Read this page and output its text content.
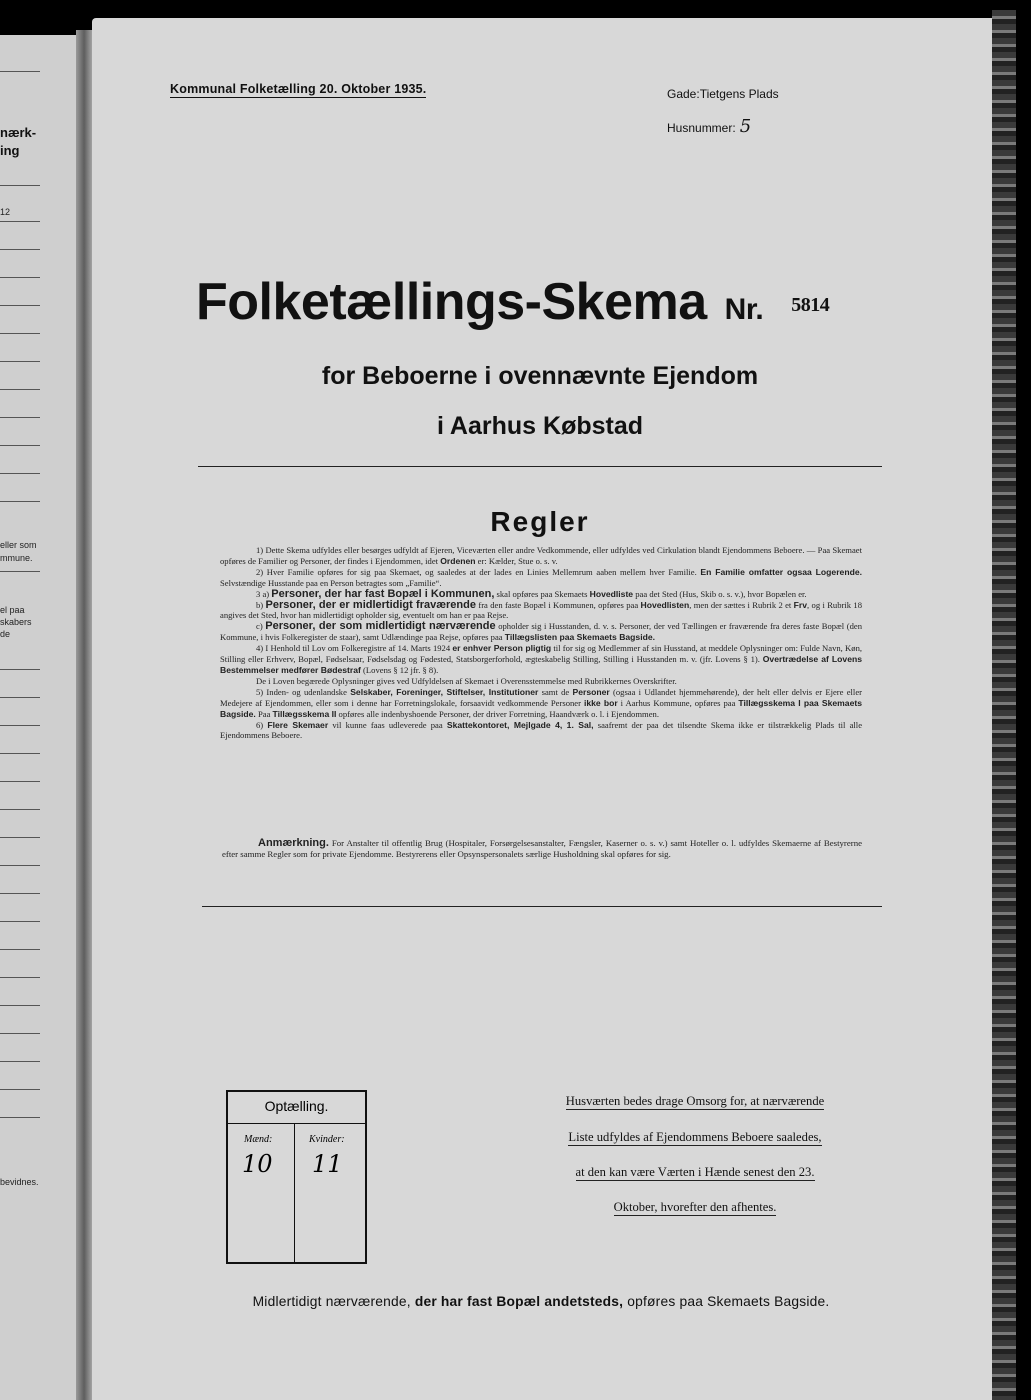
nærk-
ing
12
eller som
mmune.
el paa
skabers
de
bevidnes.
Kommunal Folketælling 20. Oktober 1935.	Gade:Tietgens Plads
Husnummer: 5
Folketællings-Skema Nr. 5814
for Beboerne i ovennævnte Ejendom
i Aarhus Købstad
Regler

1) Dette Skema udfyldes eller besørges udfyldt af Ejeren, Viceværten eller andre Vedkommende, eller udfyldes ved Cirkulation blandt Ejendommens Beboere. — Paa Skemaet opføres de Familier og Personer, der findes i Ejendommen, idet Ordenen er: Kælder, Stue o. s. v.

2) Hver Familie opføres for sig paa Skemaet, og saaledes at der lades en Linies Mellemrum aaben mellem hver Familie. En Familie omfatter ogsaa Logerende. Selvstændige Husstande paa en Person betragtes som „Familie“.

3 a) Personer, der har fast Bopæl i Kommunen, skal opføres paa Skemaets Hovedliste paa det Sted (Hus, Skib o. s. v.), hvor Bopælen er.

b) Personer, der er midlertidigt fraværende fra den faste Bopæl i Kommunen, opføres paa Hovedlisten, men der sættes i Rubrik 2 et Frv, og i Rubrik 18 angives det Sted, hvor han midlertidigt opholder sig, eventuelt om han er paa Rejse.

c) Personer, der som midlertidigt nærværende opholder sig i Husstanden, d. v. s. Personer, der ved Tællingen er fraværende fra deres faste Bopæl (den Kommune, i hvis Folkeregister de staar), samt Udlændinge paa Rejse, opføres paa Tillægslisten paa Skemaets Bagside.

4) I Henhold til Lov om Folkeregistre af 14. Marts 1924 er enhver Person pligtig til for sig og Medlemmer af sin Husstand, at meddele Oplysninger om: Fulde Navn, Køn, Stilling eller Erhverv, Bopæl, Fødselsaar, Fødselsdag og Fødested, Statsborgerforhold, ægteskabelig Stilling, Stilling i Husstanden m. v. (jfr. Lovens § 1). Overtrædelse af Lovens Bestemmelser medfører Bødestraf (Lovens § 12 jfr. § 8).

De i Loven begærede Oplysninger gives ved Udfyldelsen af Skemaet i Overensstemmelse med Rubrikkernes Overskrifter.

5) Inden- og udenlandske Selskaber, Foreninger, Stiftelser, Institutioner samt de Personer (ogsaa i Udlandet hjemmehørende), der helt eller delvis er Ejere eller Medejere af Ejendommen, eller som i denne har Forretningslokale, forsaavidt vedkommende Personer ikke bor i Aarhus Kommune, opføres paa Tillægsskema I paa Skemaets Bagside. Paa Tillægsskema II opføres alle indenbyshoende Personer, der driver Forretning, Haandværk o. l. i Ejendommen.

6) Flere Skemaer vil kunne faas udleverede paa Skattekontoret, Mejlgade 4, 1. Sal, saafremt der paa det tilsendte Skema ikke er tilstrækkelig Plads til alle Ejendommens Beboere.

Anmærkning. For Anstalter til offentlig Brug (Hospitaler, Forsørgelsesanstalter, Fængsler, Kaserner o. s. v.) samt Hoteller o. l. udfyldes Skemaerne af Bestyrerne efter samme Regler som for private Ejendomme. Bestyrerens eller Opsynspersonalets særlige Husholdning skal opføres for sig.
Optælling.
Mænd:	Kvinder:
10 11
Husværten bedes drage Omsorg for, at nærværende
Liste udfyldes af Ejendommens Beboere saaledes,
at den kan være Værten i Hænde senest den 23.
Oktober, hvorefter den afhentes.
Midlertidigt nærværende, der har fast Bopæl andetsteds, opføres paa Skemaets Bagside.
